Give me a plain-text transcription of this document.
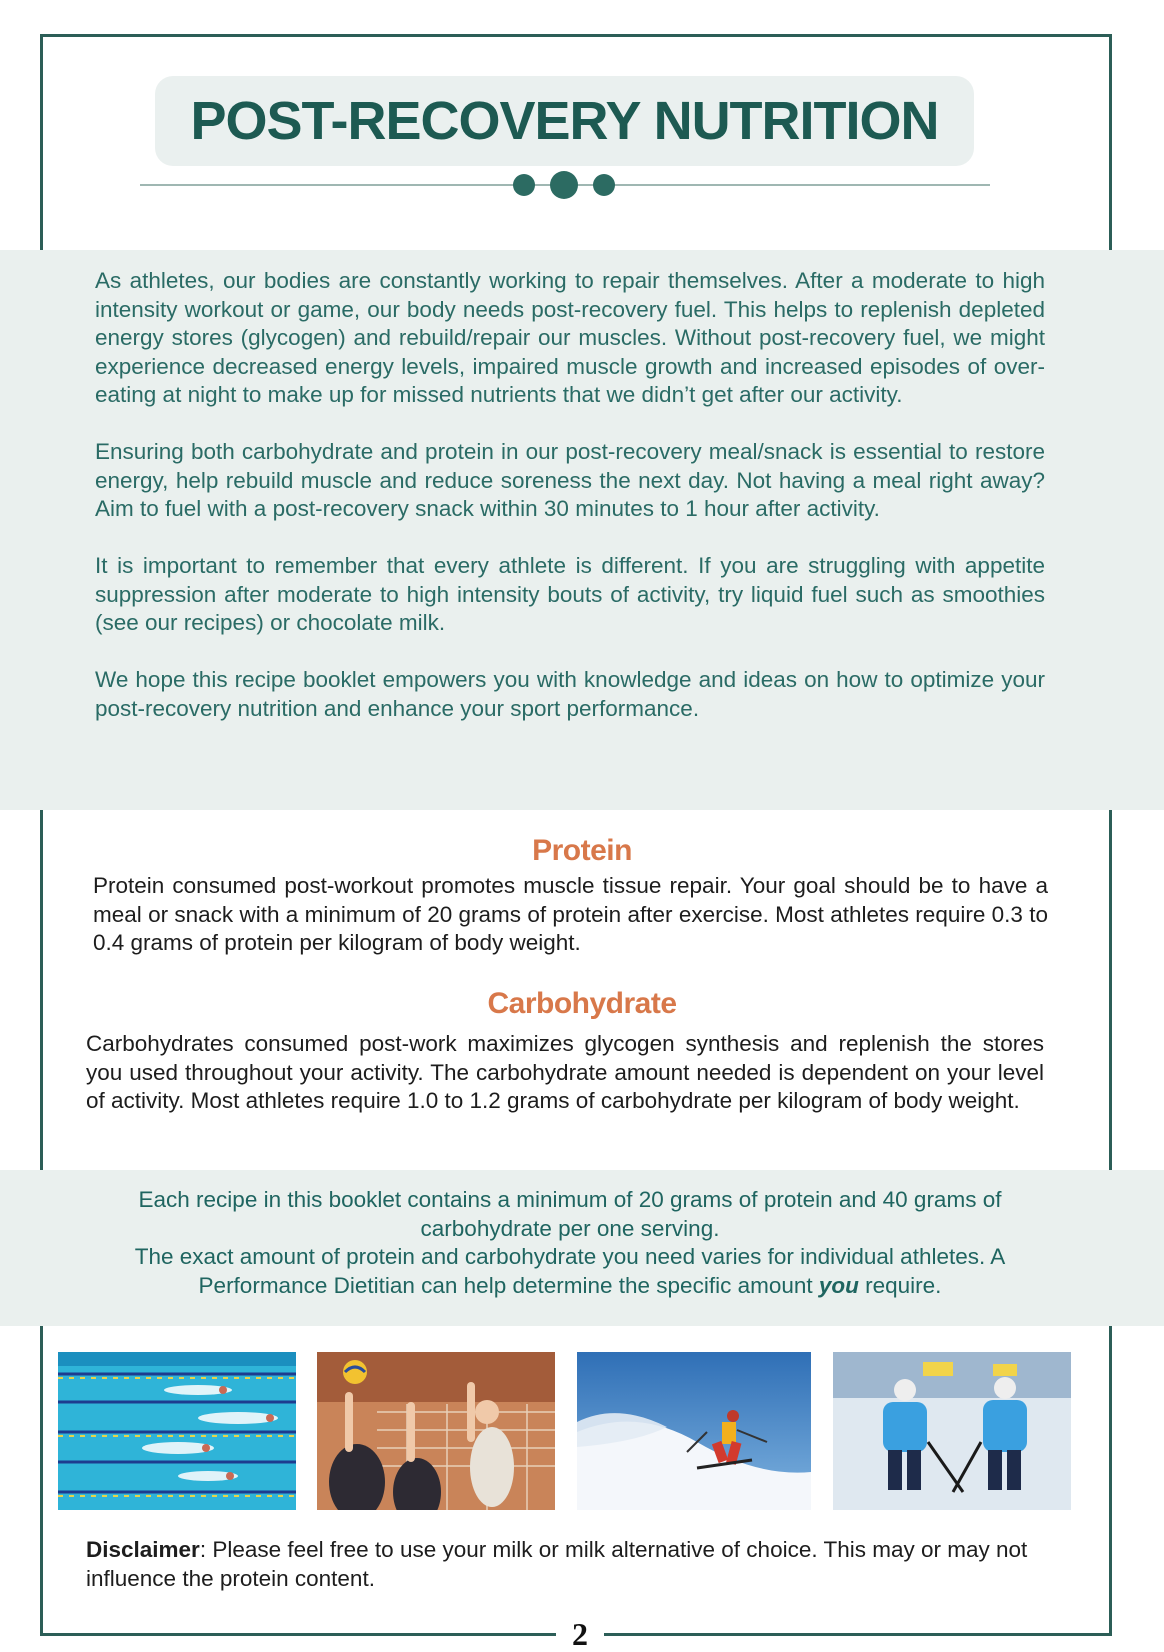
POST-RECOVERY NUTRITION

As athletes, our bodies are constantly working to repair themselves. After a moderate to high intensity workout or game, our body needs post-recovery fuel. This helps to replenish depleted energy stores (glycogen) and rebuild/repair our muscles. Without post-recovery fuel, we might experience decreased energy levels, impaired muscle growth and increased episodes of over-eating at night to make up for missed nutrients that we didn’t get after our activity.

Ensuring both carbohydrate and protein in our post-recovery meal/snack is essential to restore energy, help rebuild muscle and reduce soreness the next day. Not having a meal right away? Aim to fuel with a post-recovery snack within 30 minutes to 1 hour after activity.

It is important to remember that every athlete is different. If you are struggling with appetite suppression after moderate to high intensity bouts of activity, try liquid fuel such as smoothies (see our recipes) or chocolate milk.

We hope this recipe booklet empowers you with knowledge and ideas on how to optimize your post-recovery nutrition and enhance your sport performance.

Protein
Protein consumed post-workout promotes muscle tissue repair. Your goal should be to have a meal or snack with a minimum of 20 grams of protein after exercise. Most athletes require 0.3 to 0.4 grams of protein per kilogram of body weight.
Carbohydrate
Carbohydrates consumed post-work maximizes glycogen synthesis and replenish the stores you used throughout your activity. The carbohydrate amount needed is dependent on your level of activity. Most athletes require 1.0 to 1.2 grams of carbohydrate per kilogram of body weight.
Each recipe in this booklet contains a minimum of 20 grams of protein and 40 grams of carbohydrate per one serving.
The exact amount of protein and carbohydrate you need varies for individual athletes. A Performance Dietitian can help determine the specific amount you require.
Disclaimer: Please feel free to use your milk or milk alternative of choice. This may or may not influence the protein content.
2
